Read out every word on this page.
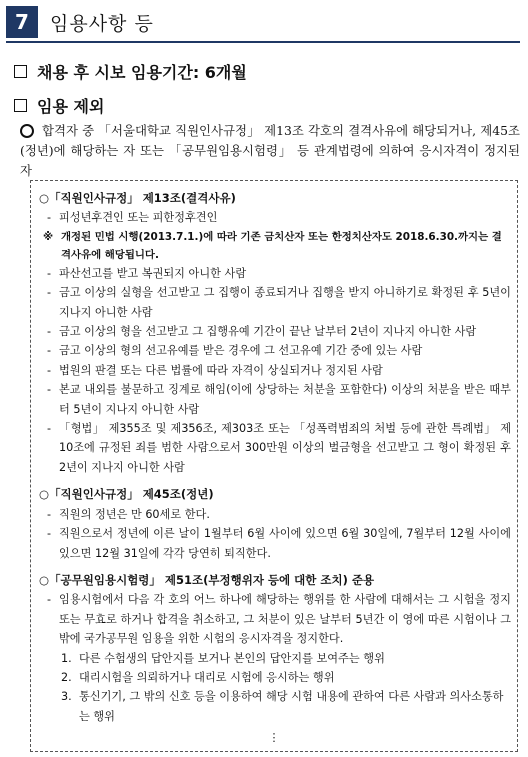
7	임용사항 등
채용 후 시보 임용기간: 6개월
임용 제외
합격자 중 「서울대학교 직원인사규정」 제13조 각호의 결격사유에 해당되거나, 제45조(정년)에 해당하는 자 또는 「공무원임용시험령」 등 관계법령에 의하여 응시자격이 정지된 자
○「직원인사규정」 제13조(결격사유)
- 피성년후견인 또는 피한정후견인
※ 개정된 민법 시행(2013.7.1.)에 따라 기존 금치산자 또는 한정치산자도 2018.6.30.까지는 결격사유에 해당됩니다.
- 파산선고를 받고 복권되지 아니한 사람
- 금고 이상의 실형을 선고받고 그 집행이 종료되거나 집행을 받지 아니하기로 확정된 후 5년이 지나지 아니한 사람
- 금고 이상의 형을 선고받고 그 집행유예 기간이 끝난 날부터 2년이 지나지 아니한 사람
- 금고 이상의 형의 선고유예를 받은 경우에 그 선고유예 기간 중에 있는 사람
- 법원의 판결 또는 다른 법률에 따라 자격이 상실되거나 정지된 사람
- 본교 내외를 불문하고 징계로 해임(이에 상당하는 처분을 포함한다) 이상의 처분을 받은 때부터 5년이 지나지 아니한 사람
- 「형법」 제355조 및 제356조, 제303조 또는 「성폭력범죄의 처벌 등에 관한 특례법」 제10조에 규정된 죄를 범한 사람으로서 300만원 이상의 벌금형을 선고받고 그 형이 확정된 후 2년이 지나지 아니한 사람
○「직원인사규정」 제45조(정년)
- 직원의 정년은 만 60세로 한다.
- 직원으로서 정년에 이른 날이 1월부터 6월 사이에 있으면 6월 30일에, 7월부터 12월 사이에 있으면 12월 31일에 각각 당연히 퇴직한다.
○「공무원임용시험령」 제51조(부정행위자 등에 대한 조치) 준용
- 임용시험에서 다음 각 호의 어느 하나에 해당하는 행위를 한 사람에 대해서는 그 시험을 정지 또는 무효로 하거나 합격을 취소하고, 그 처분이 있은 날부터 5년간 이 영에 따른 시험이나 그 밖에 국가공무원 임용을 위한 시험의 응시자격을 정지한다.
1. 다른 수험생의 답안지를 보거나 본인의 답안지를 보여주는 행위
2. 대리시험을 의뢰하거나 대리로 시험에 응시하는 행위
3. 통신기기, 그 밖의 신호 등을 이용하여 해당 시험 내용에 관하여 다른 사람과 의사소통하는 행위
⋮
